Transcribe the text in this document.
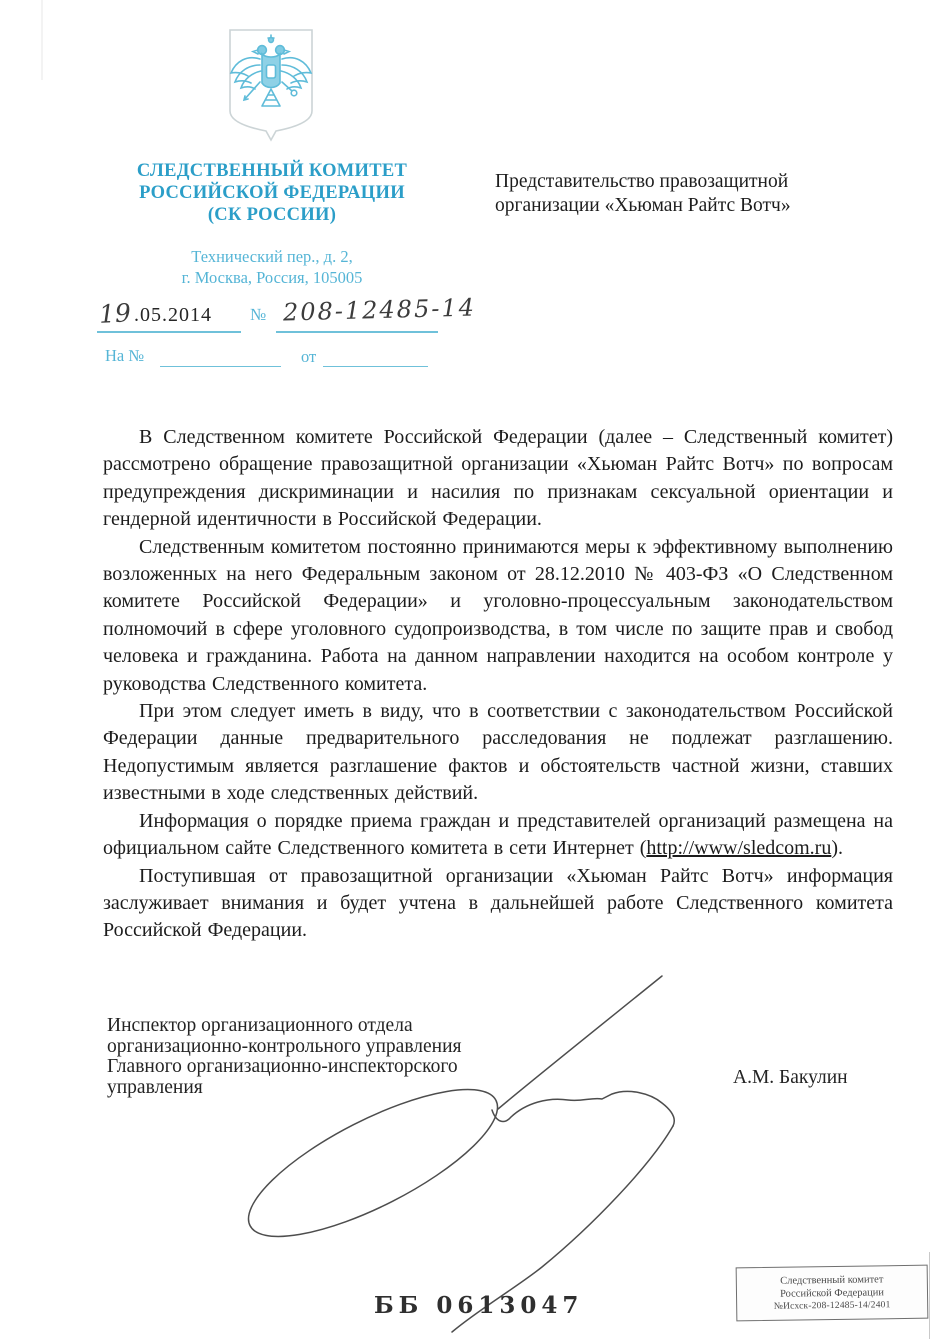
СЛЕДСТВЕННЫЙ КОМИТЕТ
РОССИЙСКОЙ ФЕДЕРАЦИИ
(СК РОССИИ)
Технический пер., д. 2,
г. Москва, Россия, 105005
Представительство правозащитной
организации «Хьюман Райтс Вотч»
19 .05.2014 № 208-12485-14
На №	от

В Следственном комитете Российской Федерации (далее – Следственный комитет) рассмотрено обращение правозащитной организации «Хьюман Райтс Вотч» по вопросам предупреждения дискриминации и насилия по признакам сексуальной ориентации и гендерной идентичности в Российской Федерации.

Следственным комитетом постоянно принимаются меры к эффективному выполнению возложенных на него Федеральным законом от 28.12.2010 № 403-ФЗ «О Следственном комитете Российской Федерации» и уголовно-процессуальным законодательством полномочий в сфере уголовного судопроизводства, в том числе по защите прав и свобод человека и гражданина. Работа на данном направлении находится на особом контроле у руководства Следственного комитета.

При этом следует иметь в виду, что в соответствии с законодательством Российской Федерации данные предварительного расследования не подлежат разглашению. Недопустимым является разглашение фактов и обстоятельств частной жизни, ставших известными в ходе следственных действий.

Информация о порядке приема граждан и представителей организаций размещена на официальном сайте Следственного комитета в сети Интернет (http://www/sledcom.ru).

Поступившая от правозащитной организации «Хьюман Райтс Вотч» информация заслуживает внимания и будет учтена в дальнейшей работе Следственного комитета Российской Федерации.

Инспектор организационного отдела
организационно-контрольного управления
Главного организационно-инспекторского
управления	А.М. Бакулин
ББ 0613047
Следственный комитет
Российской Федерации
№Исхск-208-12485-14/2401
